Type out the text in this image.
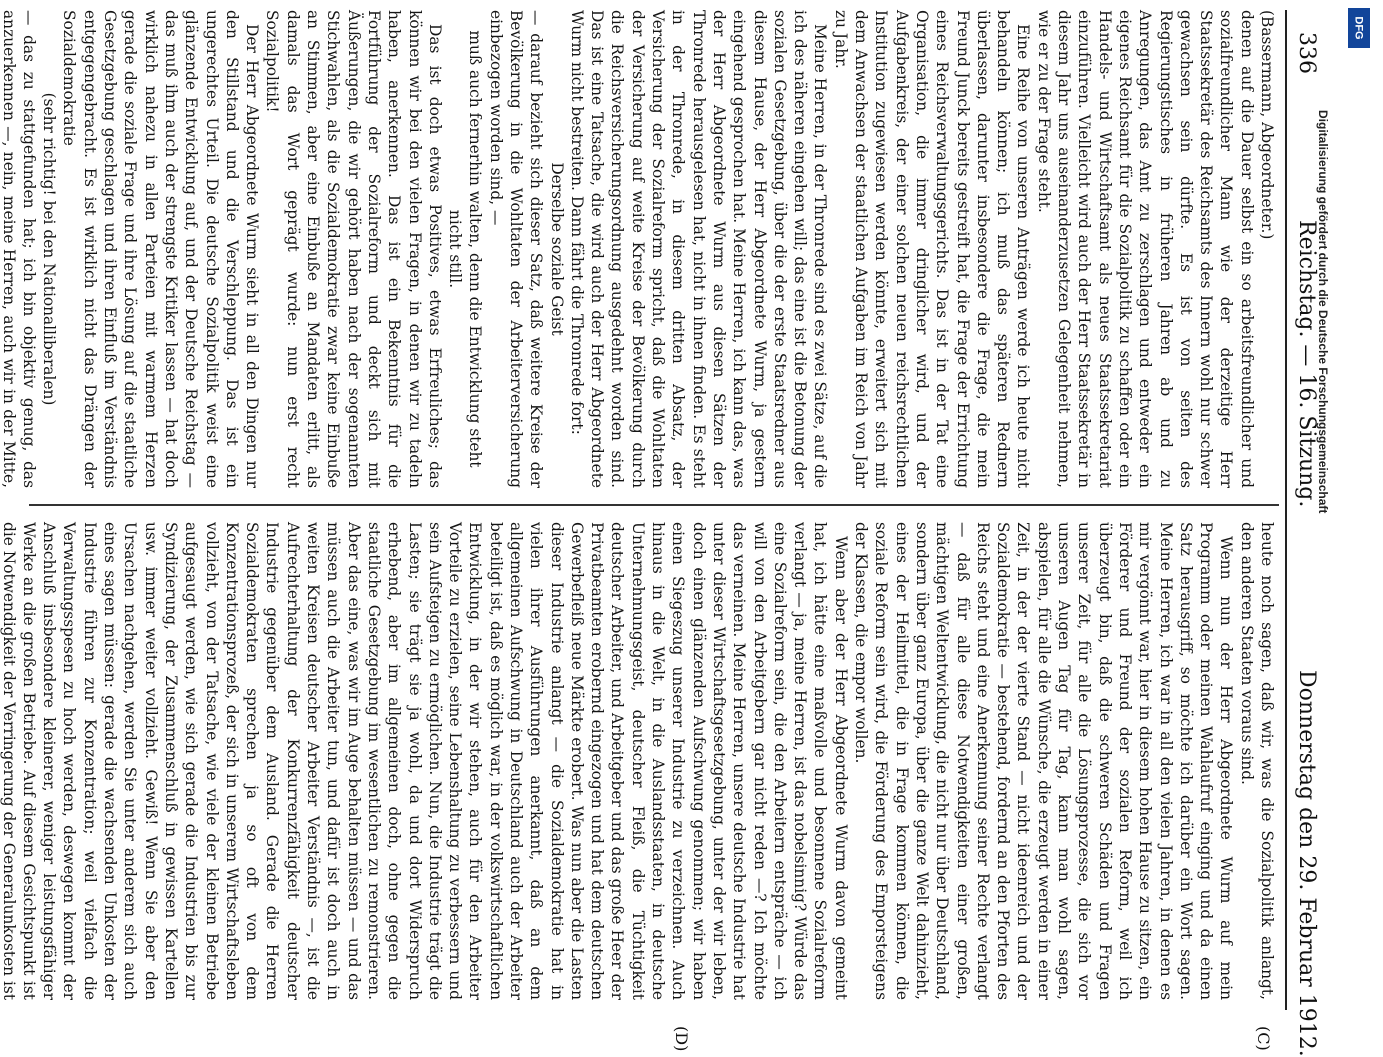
336
Reichstag. — 16. Sitzung.
Donnerstag den 29. Februar 1912.
(C)
(D)

(Bassermann, Abgeordneter.)

denen auf die Dauer selbst ein so arbeitsfreundlicher und sozialfreundlicher Mann wie der derzeitige Herr Staatssekretär des Reichsamts des Innern wohl nur schwer gewachsen sein dürfte. Es ist von seiten des Regierungstisches in früheren Jahren ab und zu Anregungen, das Amt zu zerschlagen und entweder ein eigenes Reichsamt für die Sozialpolitik zu schaffen oder ein Handels- und Wirtschaftsamt als neues Staatssekretariat einzuführen. Vielleicht wird auch der Herr Staatssekretär in diesem Jahr uns auseinanderzusetzen Gelegenheit nehmen, wie er zu der Frage steht.

Eine Reihe von unseren Anträgen werde ich heute nicht behandeln können; ich muß das späteren Rednern überlassen, darunter insbesondere die Frage, die mein Freund Junck bereits gestreift hat, die Frage der Errichtung eines Reichsverwaltungsgerichts. Das ist in der Tat eine Organisation, die immer dringlicher wird, und der Aufgabenkreis, der einer solchen neuen reichsrechtlichen Institution zugewiesen werden könnte, erweitert sich mit dem Anwachsen der staatlichen Aufgaben im Reich von Jahr zu Jahr.

Meine Herren, in der Thronrede sind es zwei Sätze, auf die ich des näheren eingehen will; das eine ist die Betonung der sozialen Gesetzgebung, über die der erste Staatsredner aus diesem Hause, der Herr Abgeordnete Wurm, ja gestern eingehend gesprochen hat. Meine Herren, ich kann das, was der Herr Abgeordnete Wurm aus diesen Sätzen der Thronrede herausgelesen hat, nicht in ihnen finden. Es steht in der Thronrede, in diesem dritten Absatz, der Versicherung der Sozialreform spricht, daß die Wohltaten der Versicherung auf weite Kreise der Bevölkerung durch die Reichsversicherungsordnung ausgedehnt worden sind. Das ist eine Tatsache, die wird auch der Herr Abgeordnete Wurm nicht bestreiten. Dann fährt die Thronrede fort:

Derselbe soziale Geist

— darauf bezieht sich dieser Satz, daß weitere Kreise der Bevölkerung in die Wohltaten der Arbeiterversicherung einbezogen worden sind, —

muß auch fernerhin walten, denn die Entwicklung steht nicht still.

Das ist doch etwas Positives, etwas Erfreuliches; das können wir bei den vielen Fragen, in denen wir zu tadeln haben, anerkennen. Das ist ein Bekenntnis für die Fortführung der Sozialreform und deckt sich mit Äußerungen, die wir gehört haben nach der sogenannten Stichwahlen, als die Sozialdemokratie zwar keine Einbuße an Stimmen, aber eine Einbuße an Mandaten erlitt, als damals das Wort geprägt wurde: nun erst recht Sozialpolitik!

Der Herr Abgeordnete Wurm sieht in all den Dingen nur den Stillstand und die Verschleppung. Das ist ein ungerechtes Urteil. Die deutsche Sozialpolitik weist eine glänzende Entwicklung auf, und der Deutsche Reichstag — das muß ihm auch der strengste Kritiker lassen — hat doch wirklich nahezu in allen Parteien mit warmem Herzen gerade die soziale Frage und ihre Lösung auf die staatliche Gesetzgebung geschlagen und ihren Einfluß im Verständnis entgegengebracht. Es ist wirklich nicht das Drängen der Sozialdemokratie

(sehr richtig! bei den Nationalliberalen)

— das zu stattgefunden hat; ich bin objektiv genug, das anzuerkennen —, nein, meine Herren, auch wir in der Mitte,

heute noch sagen, daß wir, was die Sozialpolitik anlangt, den anderen Staaten voraus sind.

Wenn nun der Herr Abgeordnete Wurm auf mein Programm oder meinen Wahlaufruf einging und da einen Satz herausgriff, so möchte ich darüber ein Wort sagen. Meine Herren, ich war in all den vielen Jahren, in denen es mir vergönnt war, hier in diesem hohen Hause zu sitzen, ein Förderer und Freund der sozialen Reform, weil ich überzeugt bin, daß die schweren Schäden und Fragen unserer Zeit, für alle die Lösungsprozesse, die sich vor unseren Augen Tag für Tag, kann man wohl sagen, abspielen, für alle die Wünsche, die erzeugt werden in einer Zeit, in der der vierte Stand — nicht ideenreich und der Sozialdemokratie — bestehend, fordernd an den Pforten des Reichs steht und eine Anerkennung seiner Rechte verlangt — daß für alle diese Notwendigkeiten einer großen, mächtigen Weltentwicklung, die nicht nur über Deutschland, sondern über ganz Europa, über die ganze Welt dahinzieht, eines der Heilmittel, die in Frage kommen können, die soziale Reform sein wird, die Förderung des Emporsteigens der Klassen, die empor wollen.

Wenn aber der Herr Abgeordnete Wurm davon gemeint hat, ich hätte eine maßvolle und besonnene Sozialreform verlangt — ja, meine Herren, ist das nobelsinnig? Würde das eine Sozialreform sein, die den Arbeitern entspräche — ich will von den Arbeitgebern gar nicht reden —? Ich möchte das verneinen. Meine Herren, unsere deutsche Industrie hat unter dieser Wirtschaftsgesetzgebung, unter der wir leben, doch einen glänzenden Aufschwung genommen; wir haben einen Siegeszug unserer Industrie zu verzeichnen. Auch hinaus in die Welt, in die Auslandsstaaten, in deutsche Unternehmungsgeist, deutscher Fleiß, die Tüchtigkeit deutscher Arbeiter, und Arbeitgeber und das große Heer der Privatbeamten erobernd eingezogen und hat dem deutschen Gewerbefleiß neue Märkte erobert. Was nun aber die Lasten dieser Industrie anlangt — die Sozialdemokratie hat in vielen ihrer Ausführungen anerkannt, daß an dem allgemeinen Aufschwung in Deutschland auch der Arbeiter beteiligt ist, daß es möglich war, in der volkswirtschaftlichen Entwicklung, in der wir stehen, auch für den Arbeiter Vorteile zu erzielen, seine Lebenshaltung zu verbessern und sein Aufsteigen zu ermöglichen. Nun, die Industrie trägt die Lasten; sie trägt sie ja wohl, da und dort Widerspruch erhebend, aber im allgemeinen doch, ohne gegen die staatliche Gesetzgebung im wesentlichen zu remonstrieren. Aber das eine, was wir im Auge behalten müssen — und das müssen auch die Arbeiter tun, und dafür ist doch auch in weiten Kreisen deutscher Arbeiter Verständnis —, ist die Aufrechterhaltung der Konkurrenzfähigkeit deutscher Industrie gegenüber dem Ausland. Gerade die Herren Sozialdemokraten sprechen ja so oft von dem Konzentrationsprozeß, der sich in unserem Wirtschaftsleben vollzieht, von der Tatsache, wie viele der kleinen Betriebe aufgesaugt werden, wie sich gerade die Industrien bis zur Syndizierung, der Zusammenschluß in gewissen Kartellen usw. immer weiter vollzieht. Gewiß! Wenn Sie aber den Ursachen nachgehen, werden Sie unter anderem sich auch eines sagen müssen: gerade die wachsenden Unkosten der Industrie führen zur Konzentration; weil vielfach die Verwaltungsspesen zu hoch werden, deswegen kommt der Anschluß insbesondere kleinerer, weniger leistungsfähiger Werke an die großen Betriebe. Auf diesem Gesichtspunkt ist die Notwendigkeit der Verringerung der Generalunkosten ist

DFG
Digitalisierung gefördert durch die Deutsche Forschungsgemeinschaft
